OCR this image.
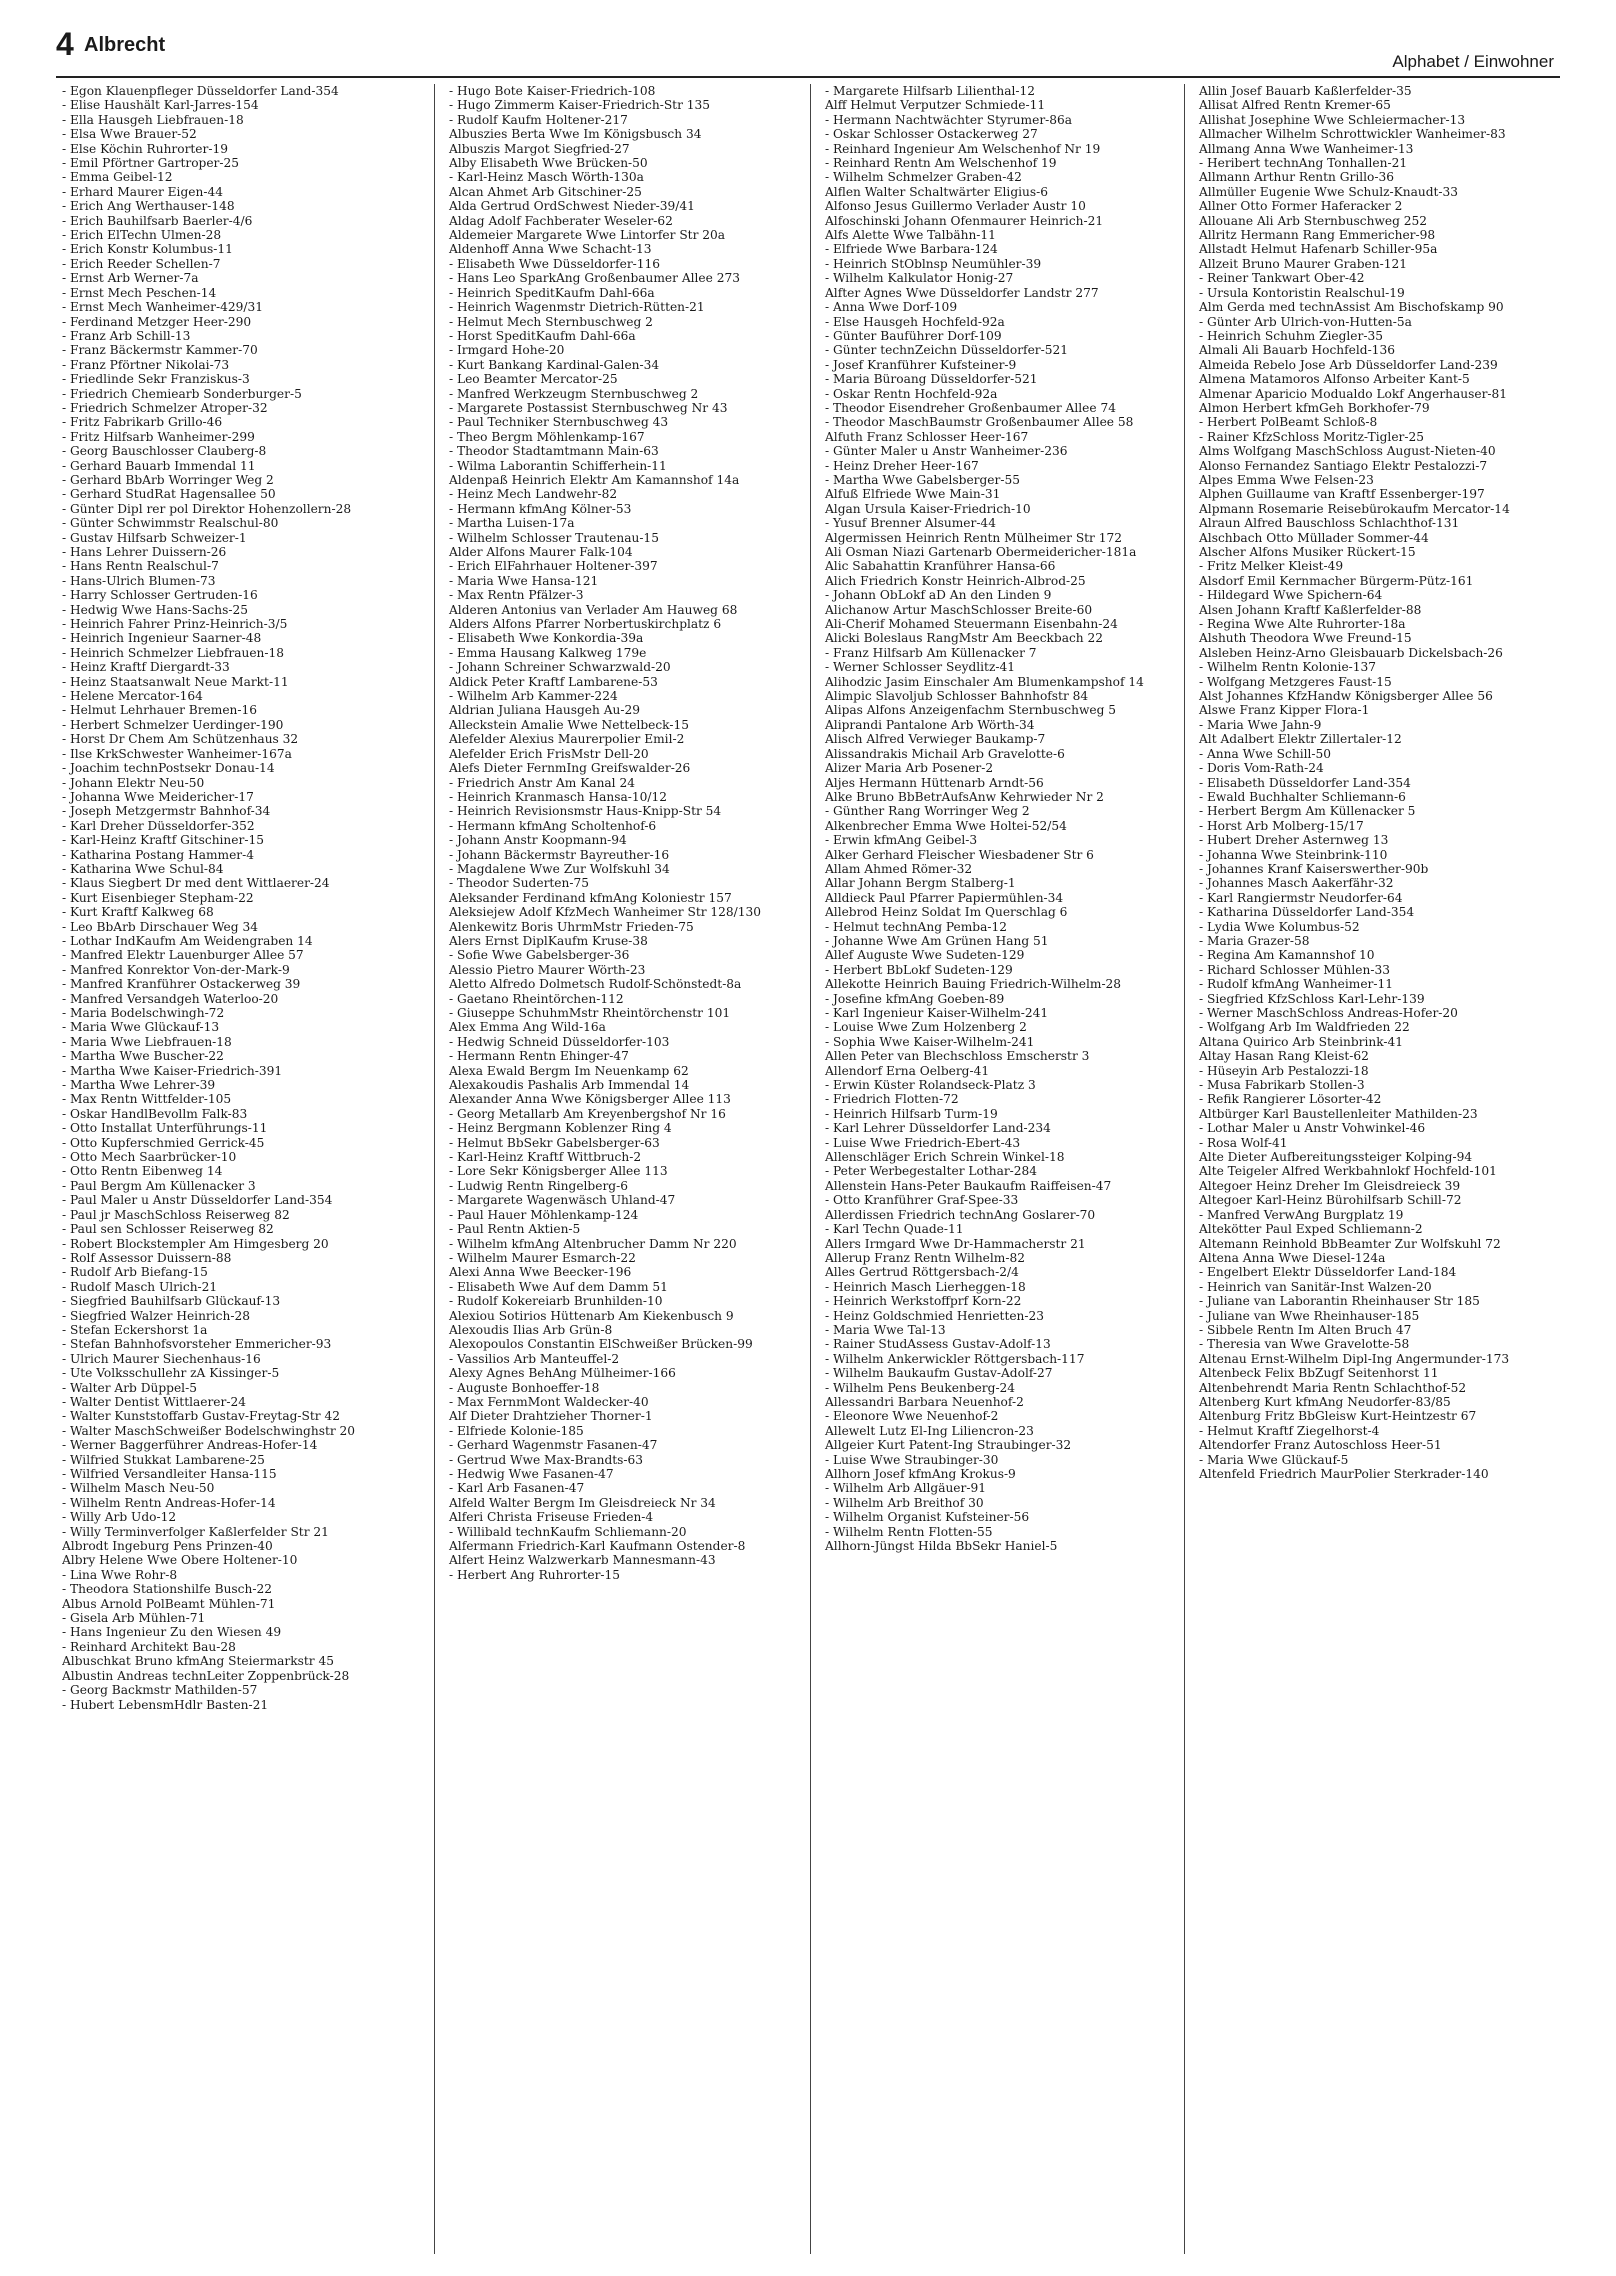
4 Albrecht
Alphabet / Einwohner
- Egon Klauenpfleger Düsseldorfer Land-354
- Elise Haushält Karl-Jarres-154
- Ella Hausgeh Liebfrauen-18
- Elsa Wwe Brauer-52
- Else Köchin Ruhrorter-19
- Emil Pförtner Gartroper-25
- Emma Geibel-12
- Erhard Maurer Eigen-44
- Erich Ang Werthauser-148
- Erich Bauhilfsarb Baerler-4/6
- Erich ElTechn Ulmen-28
- Erich Konstr Kolumbus-11
- Erich Reeder Schellen-7
- Ernst Arb Werner-7a
- Ernst Mech Peschen-14
- Ernst Mech Wanheimer-429/31
- Ferdinand Metzger Heer-290
- Franz Arb Schill-13
- Franz Bäckermstr Kammer-70
- Franz Pförtner Nikolai-73
- Friedlinde Sekr Franziskus-3
- Friedrich Chemiearb Sonderburger-5
- Friedrich Schmelzer Atroper-32
- Fritz Fabrikarb Grillo-46
- Fritz Hilfsarb Wanheimer-299
- Georg Bauschlosser Clauberg-8
- Gerhard Bauarb Immendal 11
- Gerhard BbArb Worringer Weg 2
- Gerhard StudRat Hagensallee 50
- Günter Dipl rer pol Direktor Hohenzollern-28
- Günter Schwimmstr Realschul-80
- Gustav Hilfsarb Schweizer-1
- Hans Lehrer Duissern-26
- Hans Rentn Realschul-7
- Hans-Ulrich Blumen-73
- Harry Schlosser Gertruden-16
- Hedwig Wwe Hans-Sachs-25
- Heinrich Fahrer Prinz-Heinrich-3/5
- Heinrich Ingenieur Saarner-48
- Heinrich Schmelzer Liebfrauen-18
- Heinz Kraftf Diergardt-33
- Heinz Staatsanwalt Neue Markt-11
- Helene Mercator-164
- Helmut Lehrhauer Bremen-16
- Herbert Schmelzer Uerdinger-190
- Horst Dr Chem Am Schützenhaus 32
- Ilse KrkSchwester Wanheimer-167a
- Joachim technPostsekr Donau-14
- Johann Elektr Neu-50
- Johanna Wwe Meidericher-17
- Joseph Metzgermstr Bahnhof-34
- Karl Dreher Düsseldorfer-352
- Karl-Heinz Kraftf Gitschiner-15
- Katharina Postang Hammer-4
- Katharina Wwe Schul-84
- Klaus Siegbert Dr med dent Wittlaerer-24
- Kurt Eisenbieger Stepham-22
- Kurt Kraftf Kalkweg 68
- Leo BbArb Dirschauer Weg 34
- Lothar IndKaufm Am Weidengraben 14
- Manfred Elektr Lauenburger Allee 57
- Manfred Konrektor Von-der-Mark-9
- Manfred Kranführer Ostackerweg 39
- Manfred Versandgeh Waterloo-20
- Maria Bodelschwingh-72
- Maria Wwe Glückauf-13
- Maria Wwe Liebfrauen-18
- Martha Wwe Buscher-22
- Martha Wwe Kaiser-Friedrich-391
- Martha Wwe Lehrer-39
- Max Rentn Wittfelder-105
- Oskar HandlBevollm Falk-83
- Otto Installat Unterführungs-11
- Otto Kupferschmied Gerrick-45
- Otto Mech Saarbrücker-10
- Otto Rentn Eibenweg 14
- Paul Bergm Am Küllenacker 3
- Paul Maler u Anstr Düsseldorfer Land-354
- Paul jr MaschSchloss Reiserweg 82
- Paul sen Schlosser Reiserweg 82
- Robert Blockstempler Am Himgesberg 20
- Rolf Assessor Duissern-88
- Rudolf Arb Biefang-15
- Rudolf Masch Ulrich-21
- Siegfried Bauhilfsarb Glückauf-13
- Siegfried Walzer Heinrich-28
- Stefan Eckershorst 1a
- Stefan Bahnhofsvorsteher Emmericher-93
- Ulrich Maurer Siechenhaus-16
- Ute Volksschullehr zA Kissinger-5
- Walter Arb Düppel-5
- Walter Dentist Wittlaerer-24
- Walter Kunststoffarb Gustav-Freytag-Str 42
- Walter MaschSchweißer Bodelschwinghstr 20
- Werner Baggerführer Andreas-Hofer-14
- Wilfried Stukkat Lambarene-25
- Wilfried Versandleiter Hansa-115
- Wilhelm Masch Neu-50
- Wilhelm Rentn Andreas-Hofer-14
- Willy Arb Udo-12
- Willy Terminverfolger Kaßlerfelder Str 21
Albrodt Ingeburg Pens Prinzen-40
Albry Helene Wwe Obere Holtener-10
- Lina Wwe Rohr-8
- Theodora Stationshilfe Busch-22
Albus Arnold PolBeamt Mühlen-71
- Gisela Arb Mühlen-71
- Hans Ingenieur Zu den Wiesen 49
- Reinhard Architekt Bau-28
Albuschkat Bruno kfmAng Steiermarkstr 45
Albustin Andreas technLeiter Zoppenbrück-28
- Georg Backmstr Mathilden-57
- Hubert LebensmHdlr Basten-21
- Hugo Bote Kaiser-Friedrich-108
- Hugo Zimmerm Kaiser-Friedrich-Str 135
- Rudolf Kaufm Holtener-217
Albuszies Berta Wwe Im Königsbusch 34
Albuszis Margot Siegfried-27
Alby Elisabeth Wwe Brücken-50
- Karl-Heinz Masch Wörth-130a
Alcan Ahmet Arb Gitschiner-25
Alda Gertrud OrdSchwest Nieder-39/41
Aldag Adolf Fachberater Weseler-62
Aldemeier Margarete Wwe Lintorfer Str 20a
Aldenhoff Anna Wwe Schacht-13
- Elisabeth Wwe Düsseldorfer-116
- Hans Leo SparkAng Großenbaumer Allee 273
- Heinrich SpeditKaufm Dahl-66a
- Heinrich Wagenmstr Dietrich-Rütten-21
- Helmut Mech Sternbuschweg 2
- Horst SpeditKaufm Dahl-66a
- Irmgard Hohe-20
- Kurt Bankang Kardinal-Galen-34
- Leo Beamter Mercator-25
- Manfred Werkzeugm Sternbuschweg 2
- Margarete Postassist Sternbuschweg Nr 43
- Paul Techniker Sternbuschweg 43
- Theo Bergm Möhlenkamp-167
- Theodor Stadtamtmann Main-63
- Wilma Laborantin Schifferhein-11
Aldenpaß Heinrich Elektr Am Kamannshof 14a
- Heinz Mech Landwehr-82
- Hermann kfmAng Kölner-53
- Martha Luisen-17a
- Wilhelm Schlosser Trautenau-15
Alder Alfons Maurer Falk-104
- Erich ElFahrhauer Holtener-397
- Maria Wwe Hansa-121
- Max Rentn Pfälzer-3
Alderen Antonius van Verlader Am Hauweg 68
Alders Alfons Pfarrer Norbertuskirchplatz 6
- Elisabeth Wwe Konkordia-39a
- Emma Hausang Kalkweg 179e
- Johann Schreiner Schwarzwald-20
Aldick Peter Kraftf Lambarene-53
- Wilhelm Arb Kammer-224
Aldrian Juliana Hausgeh Au-29
Alleckstein Amalie Wwe Nettelbeck-15
Alefelder Alexius Maurerpolier Emil-2
Alefelder Erich FrisMstr Dell-20
Alefs Dieter FernmIng Greifswalder-26
- Friedrich Anstr Am Kanal 24
- Heinrich Kranmasch Hansa-10/12
- Heinrich Revisionsmstr Haus-Knipp-Str 54
- Hermann kfmAng Scholtenhof-6
- Johann Anstr Koopmann-94
- Johann Bäckermstr Bayreuther-16
- Magdalene Wwe Zur Wolfskuhl 34
- Theodor Suderten-75
Aleksander Ferdinand kfmAng Koloniestr 157
Aleksiejew Adolf KfzMech Wanheimer Str 128/130
Alenkewitz Boris UhrmMstr Frieden-75
Alers Ernst DiplKaufm Kruse-38
- Sofie Wwe Gabelsberger-36
Alessio Pietro Maurer Wörth-23
Aletto Alfredo Dolmetsch Rudolf-Schönstedt-8a
- Gaetano Rheintörchen-112
- Giuseppe SchuhmMstr Rheintörchenstr 101
Alex Emma Ang Wild-16a
- Hedwig Schneid Düsseldorfer-103
- Hermann Rentn Ehinger-47
Alexa Ewald Bergm Im Neuenkamp 62
Alexakoudis Pashalis Arb Immendal 14
Alexander Anna Wwe Königsberger Allee 113
- Georg Metallarb Am Kreyenbergshof Nr 16
- Heinz Bergmann Koblenzer Ring 4
- Helmut BbSekr Gabelsberger-63
- Karl-Heinz Kraftf Wittbruch-2
- Lore Sekr Königsberger Allee 113
- Ludwig Rentn Ringelberg-6
- Margarete Wagenwäsch Uhland-47
- Paul Hauer Möhlenkamp-124
- Paul Rentn Aktien-5
- Wilhelm kfmAng Altenbrucher Damm Nr 220
- Wilhelm Maurer Esmarch-22
Alexi Anna Wwe Beecker-196
- Elisabeth Wwe Auf dem Damm 51
- Rudolf Kokereiarb Brunhilden-10
Alexiou Sotirios Hüttenarb Am Kiekenbusch 9
Alexoudis Ilias Arb Grün-8
Alexopoulos Constantin ElSchweißer Brücken-99
- Vassilios Arb Manteuffel-2
Alexy Agnes BehAng Mülheimer-166
- Auguste Bonhoeffer-18
- Max FernmMont Waldecker-40
Alf Dieter Drahtzieher Thorner-1
- Elfriede Kolonie-185
- Gerhard Wagenmstr Fasanen-47
- Gertrud Wwe Max-Brandts-63
- Hedwig Wwe Fasanen-47
- Karl Arb Fasanen-47
Alfeld Walter Bergm Im Gleisdreieck Nr 34
Alferi Christa Friseuse Frieden-4
- Willibald technKaufm Schliemann-20
Alfermann Friedrich-Karl Kaufmann Ostender-8
Alfert Heinz Walzwerkarb Mannesmann-43
- Herbert Ang Ruhrorter-15
- Margarete Hilfsarb Lilienthal-12
Alff Helmut Verputzer Schmiede-11
- Hermann Nachtwächter Styrumer-86a
- Oskar Schlosser Ostackerweg 27
- Reinhard Ingenieur Am Welschenhof Nr 19
- Reinhard Rentn Am Welschenhof 19
- Wilhelm Schmelzer Graben-42
Alflen Walter Schaltwärter Eligius-6
Alfonso Jesus Guillermo Verlader Austr 10
Alfoschinski Johann Ofenmaurer Heinrich-21
Alfs Alette Wwe Talbähn-11
- Elfriede Wwe Barbara-124
- Heinrich StOblnsp Neumühler-39
- Wilhelm Kalkulator Honig-27
Alfter Agnes Wwe Düsseldorfer Landstr 277
- Anna Wwe Dorf-109
- Else Hausgeh Hochfeld-92a
- Günter Bauführer Dorf-109
- Günter technZeichn Düsseldorfer-521
- Josef Kranführer Kufsteiner-9
- Maria Büroang Düsseldorfer-521
- Oskar Rentn Hochfeld-92a
- Theodor Eisendreher Großenbaumer Allee 74
- Theodor MaschBaumstr Großenbaumer Allee 58
Alfuth Franz Schlosser Heer-167
- Günter Maler u Anstr Wanheimer-236
- Heinz Dreher Heer-167
- Martha Wwe Gabelsberger-55
Alfuß Elfriede Wwe Main-31
Algan Ursula Kaiser-Friedrich-10
- Yusuf Brenner Alsumer-44
Algermissen Heinrich Rentn Mülheimer Str 172
Ali Osman Niazi Gartenarb Obermeidericher-181a
Alic Sabahattin Kranführer Hansa-66
Alich Friedrich Konstr Heinrich-Albrod-25
- Johann ObLokf aD An den Linden 9
Alichanow Artur MaschSchlosser Breite-60
Ali-Cherif Mohamed Steuermann Eisenbahn-24
Alicki Boleslaus RangMstr Am Beeckbach 22
- Franz Hilfsarb Am Küllenacker 7
- Werner Schlosser Seydlitz-41
Alihodzic Jasim Einschaler Am Blumenkampshof 14
Alimpic Slavoljub Schlosser Bahnhofstr 84
Alipas Alfons Anzeigenfachm Sternbuschweg 5
Aliprandi Pantalone Arb Wörth-34
Alisch Alfred Verwieger Baukamp-7
Alissandrakis Michail Arb Gravelotte-6
Alizer Maria Arb Posener-2
Aljes Hermann Hüttenarb Arndt-56
Alke Bruno BbBetrAufsAnw Kehrwieder Nr 2
- Günther Rang Worringer Weg 2
Alkenbrecher Emma Wwe Holtei-52/54
- Erwin kfmAng Geibel-3
Alker Gerhard Fleischer Wiesbadener Str 6
Allam Ahmed Römer-32
Allar Johann Bergm Stalberg-1
Alldieck Paul Pfarrer Papiermühlen-34
Allebrod Heinz Soldat Im Querschlag 6
- Helmut technAng Pemba-12
- Johanne Wwe Am Grünen Hang 51
Allef Auguste Wwe Sudeten-129
- Herbert BbLokf Sudeten-129
Allekotte Heinrich Bauing Friedrich-Wilhelm-28
- Josefine kfmAng Goeben-89
- Karl Ingenieur Kaiser-Wilhelm-241
- Louise Wwe Zum Holzenberg 2
- Sophia Wwe Kaiser-Wilhelm-241
Allen Peter van Blechschloss Emscherstr 3
Allendorf Erna Oelberg-41
- Erwin Küster Rolandseck-Platz 3
- Friedrich Flotten-72
- Heinrich Hilfsarb Turm-19
- Karl Lehrer Düsseldorfer Land-234
- Luise Wwe Friedrich-Ebert-43
Allenschläger Erich Schrein Winkel-18
- Peter Werbegestalter Lothar-284
Allenstein Hans-Peter Baukaufm Raiffeisen-47
- Otto Kranführer Graf-Spee-33
Allerdissen Friedrich technAng Goslarer-70
- Karl Techn Quade-11
Allers Irmgard Wwe Dr-Hammacherstr 21
Allerup Franz Rentn Wilhelm-82
Alles Gertrud Röttgersbach-2/4
- Heinrich Masch Lierheggen-18
- Heinrich Werkstoffprf Korn-22
- Heinz Goldschmied Henrietten-23
- Maria Wwe Tal-13
- Rainer StudAssess Gustav-Adolf-13
- Wilhelm Ankerwickler Röttgersbach-117
- Wilhelm Baukaufm Gustav-Adolf-27
- Wilhelm Pens Beukenberg-24
Allessandri Barbara Neuenhof-2
- Eleonore Wwe Neuenhof-2
Allewelt Lutz El-Ing Liliencron-23
Allgeier Kurt Patent-Ing Straubinger-32
- Luise Wwe Straubinger-30
Allhorn Josef kfmAng Krokus-9
- Wilhelm Arb Allgäuer-91
- Wilhelm Arb Breithof 30
- Wilhelm Organist Kufsteiner-56
- Wilhelm Rentn Flotten-55
Allhorn-Jüngst Hilda BbSekr Haniel-5
Allin Josef Bauarb Kaßlerfelder-35
Allisat Alfred Rentn Kremer-65
Allishat Josephine Wwe Schleiermacher-13
Allmacher Wilhelm Schrottwickler Wanheimer-83
Allmang Anna Wwe Wanheimer-13
- Heribert technAng Tonhallen-21
Allmann Arthur Rentn Grillo-36
Allmüller Eugenie Wwe Schulz-Knaudt-33
Allner Otto Former Haferacker 2
Allouane Ali Arb Sternbuschweg 252
Allritz Hermann Rang Emmericher-98
Allstadt Helmut Hafenarb Schiller-95a
Allzeit Bruno Maurer Graben-121
- Reiner Tankwart Ober-42
- Ursula Kontoristin Realschul-19
Alm Gerda med technAssist Am Bischofskamp 90
- Günter Arb Ulrich-von-Hutten-5a
- Heinrich Schuhm Ziegler-35
Almali Ali Bauarb Hochfeld-136
Almeida Rebelo Jose Arb Düsseldorfer Land-239
Almena Matamoros Alfonso Arbeiter Kant-5
Almenar Aparicio Modualdo Lokf Angerhauser-81
Almon Herbert kfmGeh Borkhofer-79
- Herbert PolBeamt Schloß-8
- Rainer KfzSchloss Moritz-Tigler-25
Alms Wolfgang MaschSchloss August-Nieten-40
Alonso Fernandez Santiago Elektr Pestalozzi-7
Alpes Emma Wwe Felsen-23
Alphen Guillaume van Kraftf Essenberger-197
Alpmann Rosemarie Reisebürokaufm Mercator-14
Alraun Alfred Bauschloss Schlachthof-131
Alschbach Otto Müllader Sommer-44
Alscher Alfons Musiker Rückert-15
- Fritz Melker Kleist-49
Alsdorf Emil Kernmacher Bürgerm-Pütz-161
- Hildegard Wwe Spichern-64
Alsen Johann Kraftf Kaßlerfelder-88
- Regina Wwe Alte Ruhrorter-18a
Alshuth Theodora Wwe Freund-15
Alsleben Heinz-Arno Gleisbauarb Dickelsbach-26
- Wilhelm Rentn Kolonie-137
- Wolfgang Metzgeres Faust-15
Alst Johannes KfzHandw Königsberger Allee 56
Alswe Franz Kipper Flora-1
- Maria Wwe Jahn-9
Alt Adalbert Elektr Zillertaler-12
- Anna Wwe Schill-50
- Doris Vom-Rath-24
- Elisabeth Düsseldorfer Land-354
- Ewald Buchhalter Schliemann-6
- Herbert Bergm Am Küllenacker 5
- Horst Arb Molberg-15/17
- Hubert Dreher Asternweg 13
- Johanna Wwe Steinbrink-110
- Johannes Kranf Kaiserswerther-90b
- Johannes Masch Aakerfähr-32
- Karl Rangiermstr Neudorfer-64
- Katharina Düsseldorfer Land-354
- Lydia Wwe Kolumbus-52
- Maria Grazer-58
- Regina Am Kamannshof 10
- Richard Schlosser Mühlen-33
- Rudolf kfmAng Wanheimer-11
- Siegfried KfzSchloss Karl-Lehr-139
- Werner MaschSchloss Andreas-Hofer-20
- Wolfgang Arb Im Waldfrieden 22
Altana Quirico Arb Steinbrink-41
Altay Hasan Rang Kleist-62
- Hüseyin Arb Pestalozzi-18
- Musa Fabrikarb Stollen-3
- Refik Rangierer Lösorter-42
Altbürger Karl Baustellenleiter Mathilden-23
- Lothar Maler u Anstr Vohwinkel-46
- Rosa Wolf-41
Alte Dieter Aufbereitungssteiger Kolping-94
Alte Teigeler Alfred Werkbahnlokf Hochfeld-101
Altegoer Heinz Dreher Im Gleisdreieck 39
Altegoer Karl-Heinz Bürohilfsarb Schill-72
- Manfred VerwAng Burgplatz 19
Altekötter Paul Exped Schliemann-2
Altemann Reinhold BbBeamter Zur Wolfskuhl 72
Altena Anna Wwe Diesel-124a
- Engelbert Elektr Düsseldorfer Land-184
- Heinrich van Sanitär-Inst Walzen-20
- Juliane van Laborantin Rheinhauser Str 185
- Juliane van Wwe Rheinhauser-185
- Sibbele Rentn Im Alten Bruch 47
- Theresia van Wwe Gravelotte-58
Altenau Ernst-Wilhelm Dipl-Ing Angermunder-173
Altenbeck Felix BbZugf Seitenhorst 11
Altenbehrendt Maria Rentn Schlachthof-52
Altenberg Kurt kfmAng Neudorfer-83/85
Altenburg Fritz BbGleisw Kurt-Heintzestr 67
- Helmut Kraftf Ziegelhorst-4
Altendorfer Franz Autoschloss Heer-51
- Maria Wwe Glückauf-5
Altenfeld Friedrich MaurPolier Sterkrader-140
